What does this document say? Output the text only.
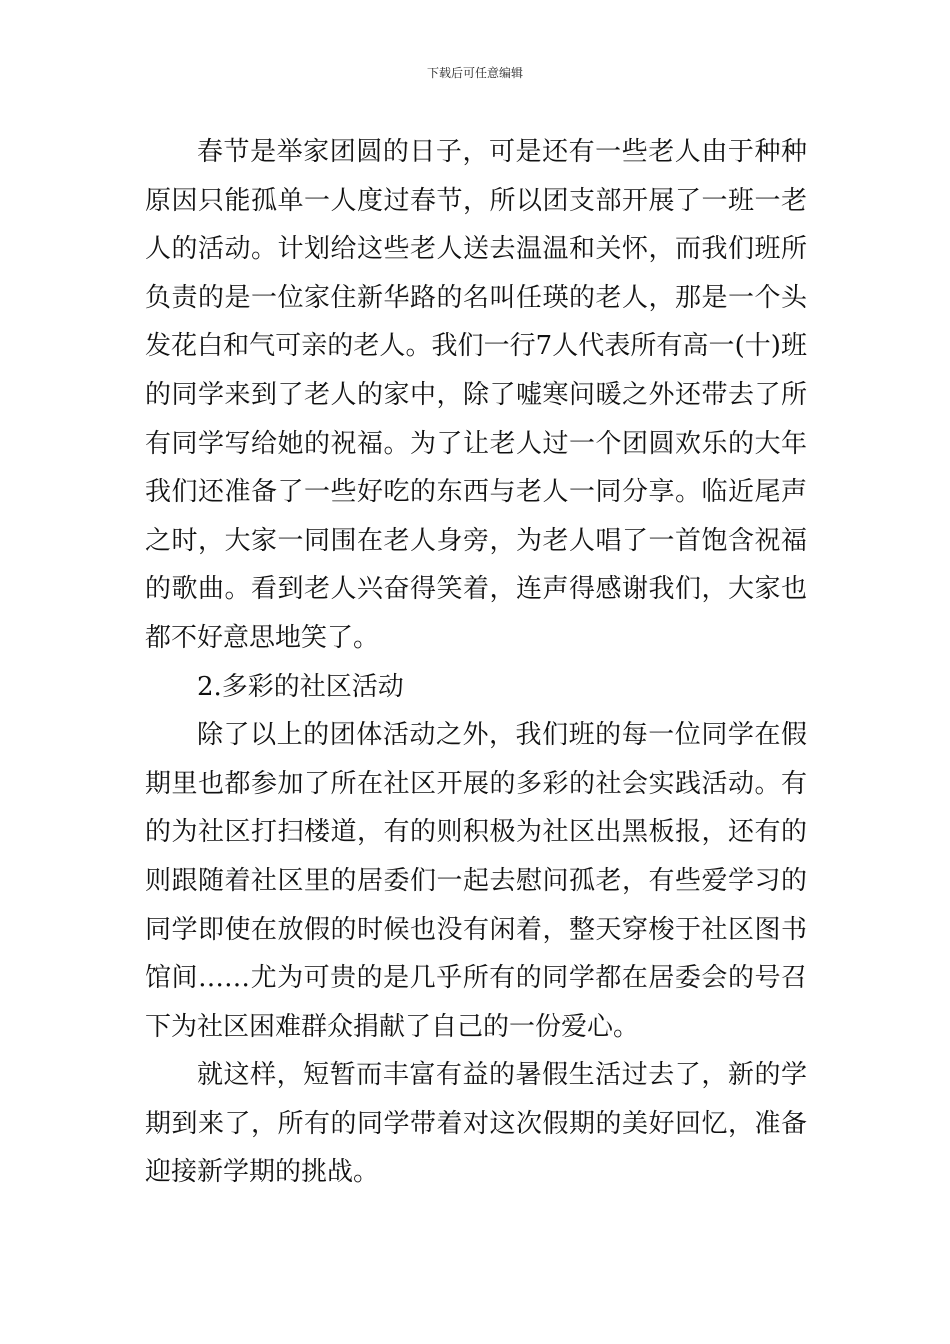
下载后可任意编辑

春节是举家团圆的日子，可是还有一些老人由于种种原因只能孤单一人度过春节，所以团支部开展了一班一老人的活动。计划给这些老人送去温温和关怀，而我们班所负责的是一位家住新华路的名叫任瑛的老人，那是一个头发花白和气可亲的老人。我们一行7人代表所有高一(十)班的同学来到了老人的家中，除了嘘寒问暖之外还带去了所有同学写给她的祝福。为了让老人过一个团圆欢乐的大年我们还准备了一些好吃的东西与老人一同分享。临近尾声之时，大家一同围在老人身旁，为老人唱了一首饱含祝福的歌曲。看到老人兴奋得笑着，连声得感谢我们，大家也都不好意思地笑了。

2.多彩的社区活动

除了以上的团体活动之外，我们班的每一位同学在假期里也都参加了所在社区开展的多彩的社会实践活动。有的为社区打扫楼道，有的则积极为社区出黑板报，还有的则跟随着社区里的居委们一起去慰问孤老，有些爱学习的同学即使在放假的时候也没有闲着，整天穿梭于社区图书馆间……尤为可贵的是几乎所有的同学都在居委会的号召下为社区困难群众捐献了自己的一份爱心。

就这样，短暂而丰富有益的暑假生活过去了，新的学期到来了，所有的同学带着对这次假期的美好回忆，准备迎接新学期的挑战。
